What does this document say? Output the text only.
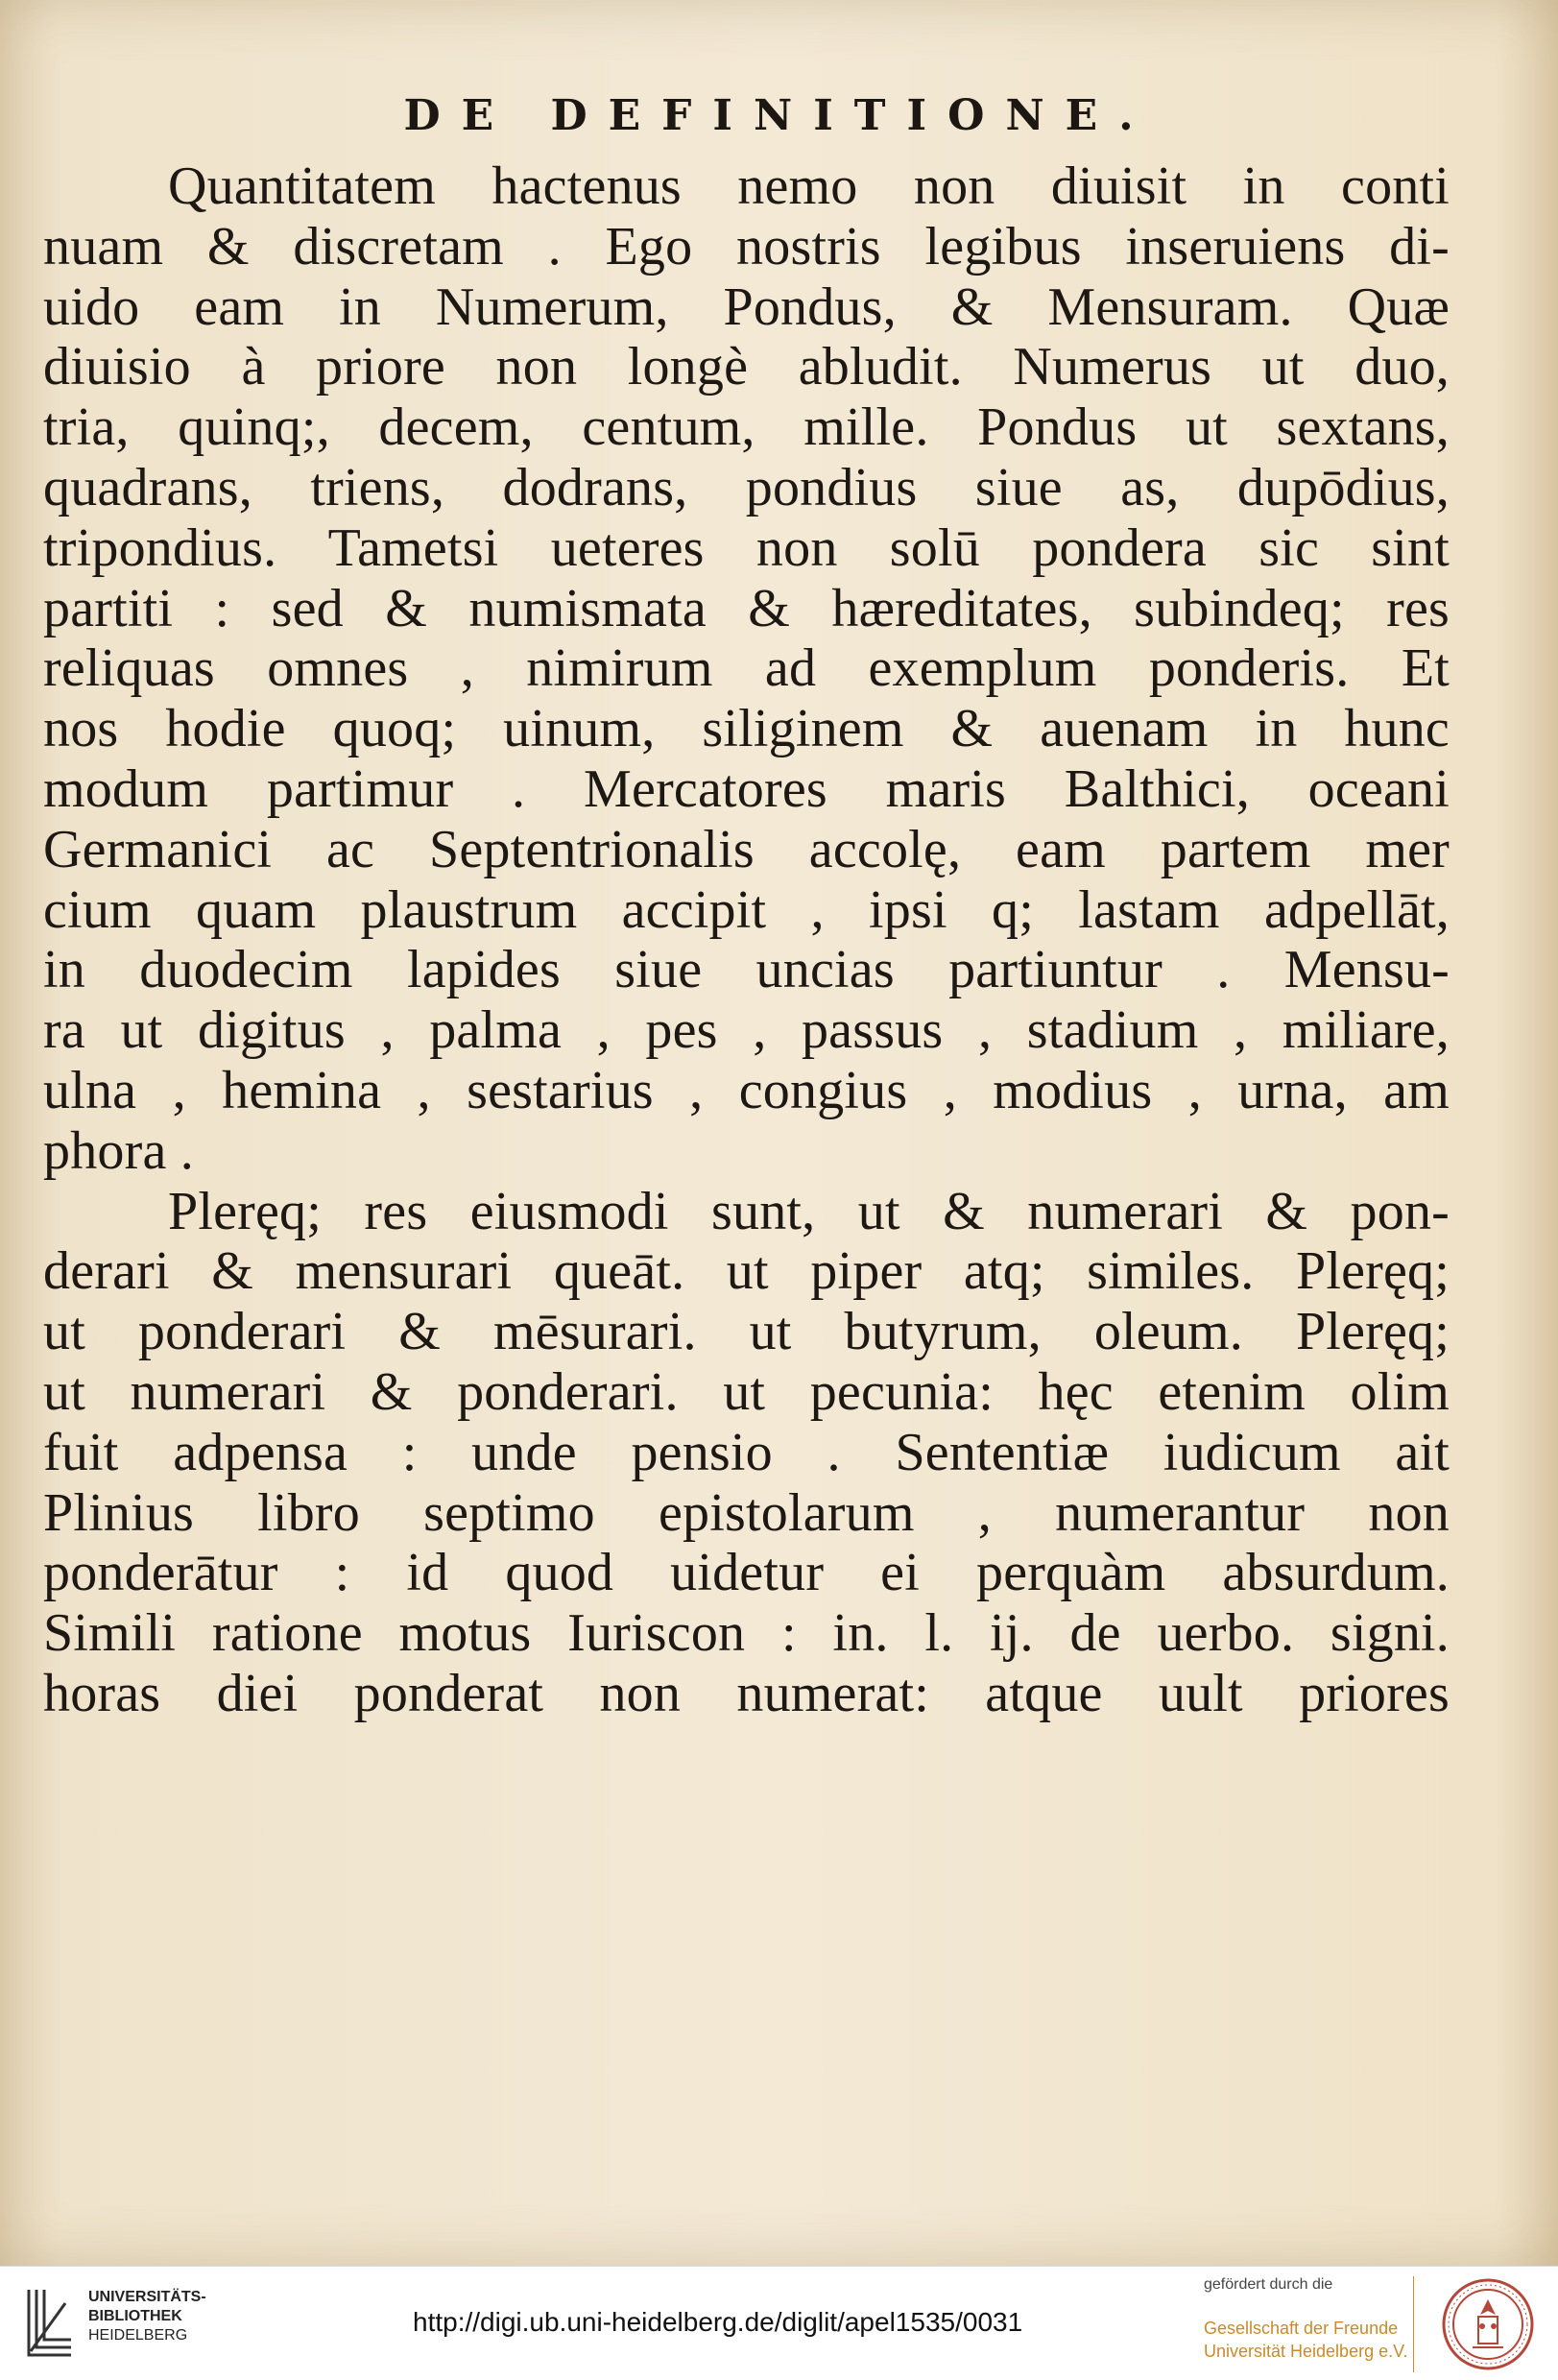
DE DEFINITIONE.
Quantitatem hactenus nemo non diuisit in conti
nuam & discretam . Ego nostris legibus inseruiens di-
uido eam in Numerum, Pondus, & Mensuram. Quæ
diuisio à priore non longè abludit. Numerus ut duo,
tria, quinq;, decem, centum, mille. Pondus ut sextans,
quadrans, triens, dodrans, pondius siue as, dupōdius,
tripondius. Tametsi ueteres non solū pondera sic sint
partiti : sed & numismata & hæreditates, subindeq; res
reliquas omnes , nimirum ad exemplum ponderis. Et
nos hodie quoq; uinum, siliginem & auenam in hunc
modum partimur . Mercatores maris Balthici, oceani
Germanici ac Septentrionalis accolę, eam partem mer
cium quam plaustrum accipit , ipsi q; lastam adpellāt,
in duodecim lapides siue uncias partiuntur . Mensu-
ra ut digitus , palma , pes , passus , stadium , miliare,
ulna , hemina , sestarius , congius , modius , urna, am
phora .
Pleręq; res eiusmodi sunt, ut & numerari & pon-
derari & mensurari queāt. ut piper atq; similes. Pleręq;
ut ponderari & mēsurari. ut butyrum, oleum. Pleręq;
ut numerari & ponderari. ut pecunia: hęc etenim olim
fuit adpensa : unde pensio . Sententiæ iudicum ait
Plinius libro septimo epistolarum , numerantur non
ponderātur : id quod uidetur ei perquàm absurdum.
Simili ratione motus Iuriscon : in. l. ij. de uerbo. signi.
horas diei ponderat non numerat: atque uult priores
UNIVERSITÄTS-
BIBLIOTHEK
HEIDELBERG	http://digi.ub.uni-heidelberg.de/diglit/apel1535/0031
gefördert durch die
Gesellschaft der Freunde
Universität Heidelberg e.V.
